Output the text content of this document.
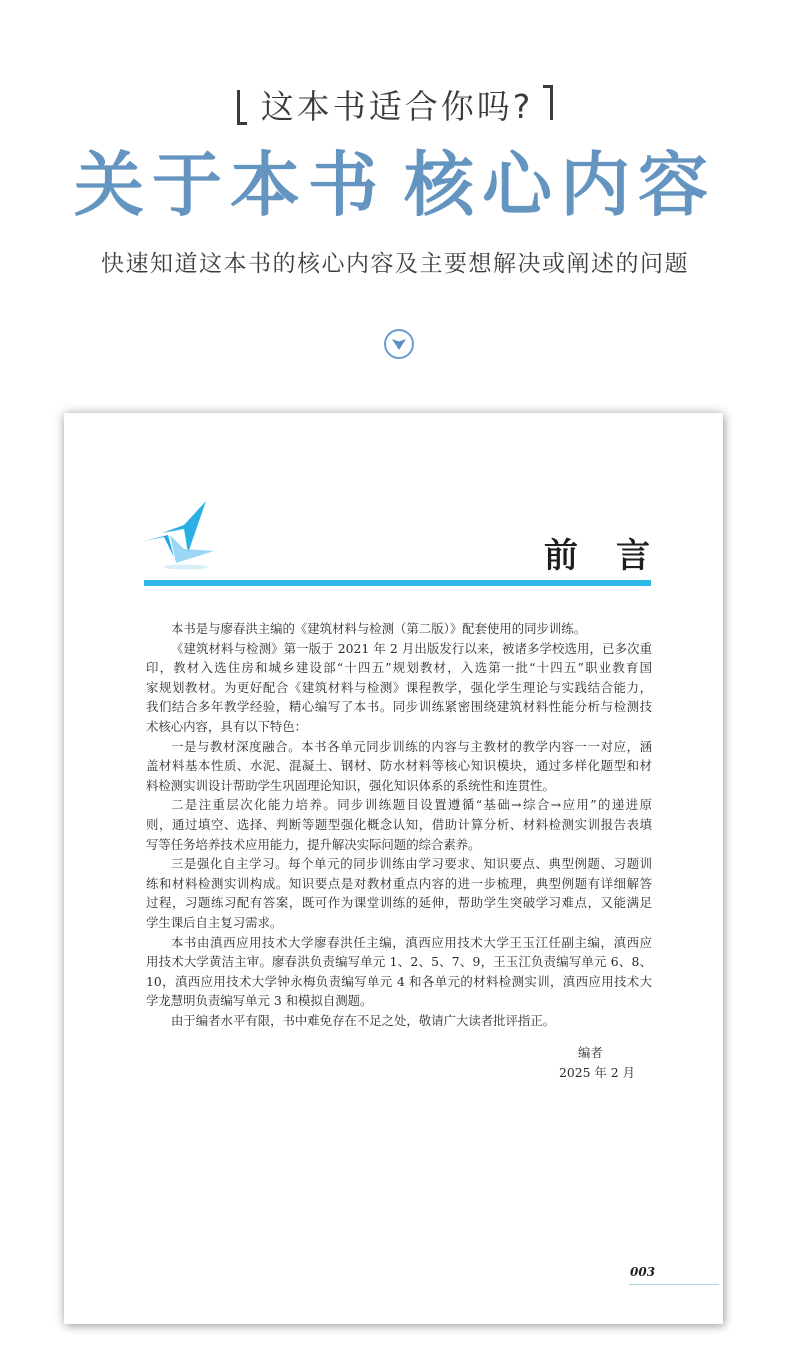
这本书适合你吗?
关于本书 核心内容
快速知道这本书的核心内容及主要想解决或阐述的问题
前言
本书是与廖春洪主编的《建筑材料与检测（第二版）》配套使用的同步训练。
《建筑材料与检测》第一版于 2021 年 2 月出版发行以来，被诸多学校选用，已多次重
印，教材入选住房和城乡建设部“十四五”规划教材，入选第一批“十四五”职业教育国
家规划教材。为更好配合《建筑材料与检测》课程教学，强化学生理论与实践结合能力，
我们结合多年教学经验，精心编写了本书。同步训练紧密围绕建筑材料性能分析与检测技
术核心内容，具有以下特色：
一是与教材深度融合。本书各单元同步训练的内容与主教材的教学内容一一对应，涵
盖材料基本性质、水泥、混凝土、钢材、防水材料等核心知识模块，通过多样化题型和材
料检测实训设计帮助学生巩固理论知识，强化知识体系的系统性和连贯性。
二是注重层次化能力培养。同步训练题目设置遵循“基础→综合→应用”的递进原
则，通过填空、选择、判断等题型强化概念认知，借助计算分析、材料检测实训报告表填
写等任务培养技术应用能力，提升解决实际问题的综合素养。
三是强化自主学习。每个单元的同步训练由学习要求、知识要点、典型例题、习题训
练和材料检测实训构成。知识要点是对教材重点内容的进一步梳理，典型例题有详细解答
过程，习题练习配有答案，既可作为课堂训练的延伸，帮助学生突破学习难点，又能满足
学生课后自主复习需求。
本书由滇西应用技术大学廖春洪任主编，滇西应用技术大学王玉江任副主编，滇西应
用技术大学黄洁主审。廖春洪负责编写单元 1、2、5、7、9，王玉江负责编写单元 6、8、
10，滇西应用技术大学钟永梅负责编写单元 4 和各单元的材料检测实训，滇西应用技术大
学龙慧明负责编写单元 3 和模拟自测题。
由于编者水平有限，书中难免存在不足之处，敬请广大读者批评指正。
编者
2025 年 2 月
003
